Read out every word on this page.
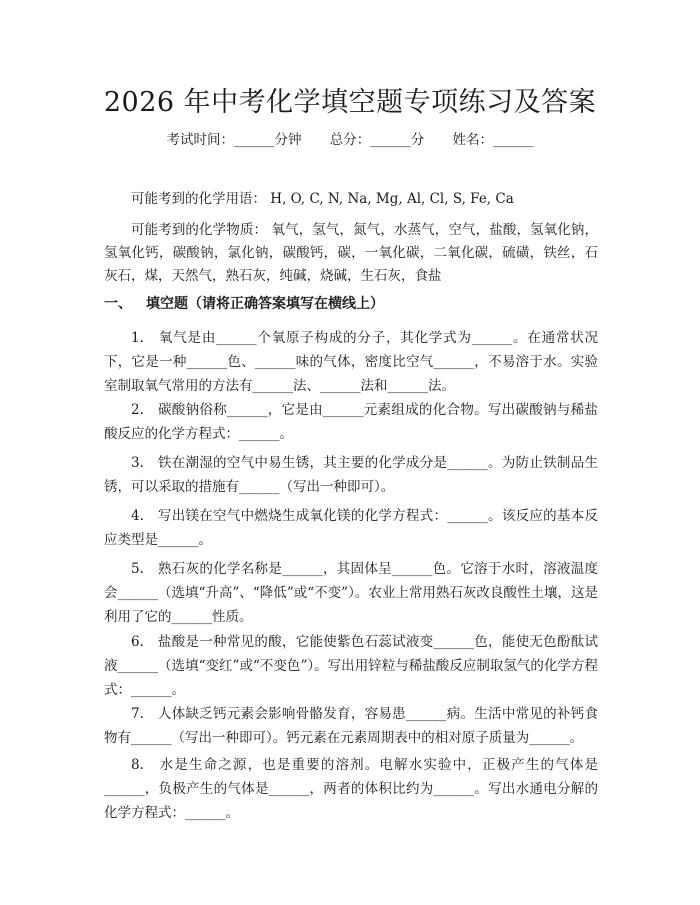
2026 年中考化学填空题专项练习及答案
考试时间：______分钟 总分：______分 姓名：______
可能考到的化学用语： H, O, C, N, Na, Mg, Al, Cl, S, Fe, Ca
可能考到的化学物质： 氧气，氢气，氮气，水蒸气，空气，盐酸，氢氧化钠，氢氧化钙，碳酸钠，氯化钠，碳酸钙，碳，一氧化碳，二氧化碳，硫磺，铁丝，石灰石，煤，天然气，熟石灰，纯碱，烧碱，生石灰，食盐
一、 填空题（请将正确答案填写在横线上）
1.　氧气是由______个氧原子构成的分子，其化学式为______。在通常状况下，它是一种______色、______味的气体，密度比空气______，不易溶于水。实验室制取氧气常用的方法有______法、______法和______法。
2.　碳酸钠俗称______，它是由______元素组成的化合物。写出碳酸钠与稀盐酸反应的化学方程式：______。
3.　铁在潮湿的空气中易生锈，其主要的化学成分是______。为防止铁制品生锈，可以采取的措施有______（写出一种即可）。
4.　写出镁在空气中燃烧生成氧化镁的化学方程式：______。该反应的基本反应类型是______。
5.　熟石灰的化学名称是______，其固体呈______色。它溶于水时，溶液温度会______（选填“升高”、“降低”或“不变”）。农业上常用熟石灰改良酸性土壤，这是利用了它的______性质。
6.　盐酸是一种常见的酸，它能使紫色石蕊试液变______色，能使无色酚酞试液______（选填“变红”或“不变色”）。写出用锌粒与稀盐酸反应制取氢气的化学方程式：______。
7.　人体缺乏钙元素会影响骨骼发育，容易患______病。生活中常见的补钙食物有______（写出一种即可）。钙元素在元素周期表中的相对原子质量为______。
8.　水是生命之源，也是重要的溶剂。电解水实验中，正极产生的气体是______，负极产生的气体是______，两者的体积比约为______。写出水通电分解的化学方程式：______。
